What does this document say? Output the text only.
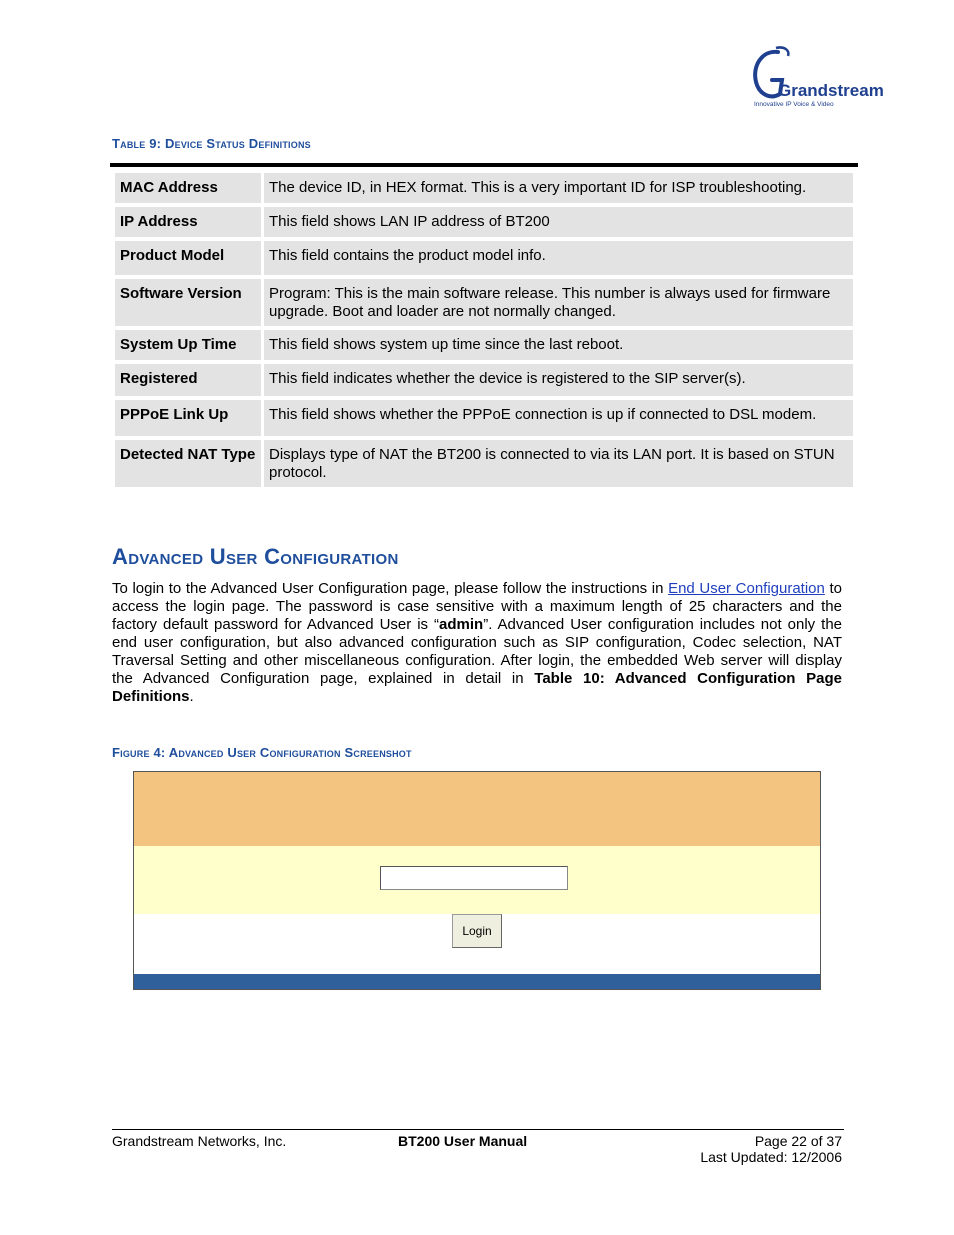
Grandstream
Innovative IP Voice & Video
Table 9: Device Status Definitions
MAC Address	The device ID, in HEX format. This is a very important ID for ISP troubleshooting.
IP Address	This field shows LAN IP address of BT200
Product Model	This field contains the product model info.
Software Version	Program: This is the main software release. This number is always used for firmware upgrade. Boot and loader are not normally changed.
System Up Time	This field shows system up time since the last reboot.
Registered	This field indicates whether the device is registered to the SIP server(s).
PPPoE Link Up	This field shows whether the PPPoE connection is up if connected to DSL modem.
Detected NAT Type	Displays type of NAT the BT200 is connected to via its LAN port. It is based on STUN protocol.
Advanced User Configuration
To login to the Advanced User Configuration page, please follow the instructions in End User Configuration to access the login page. The password is case sensitive with a maximum length of 25 characters and the factory default password for Advanced User is “admin”. Advanced User configuration includes not only the end user configuration, but also advanced configuration such as SIP configuration, Codec selection, NAT Traversal Setting and other miscellaneous configuration. After login, the embedded Web server will display the Advanced Configuration page, explained in detail in Table 10: Advanced Configuration Page Definitions.
Figure 4: Advanced User Configuration Screenshot
Login
Grandstream Networks, Inc.	BT200 User Manual	Page 22 of 37
Last Updated: 12/2006
